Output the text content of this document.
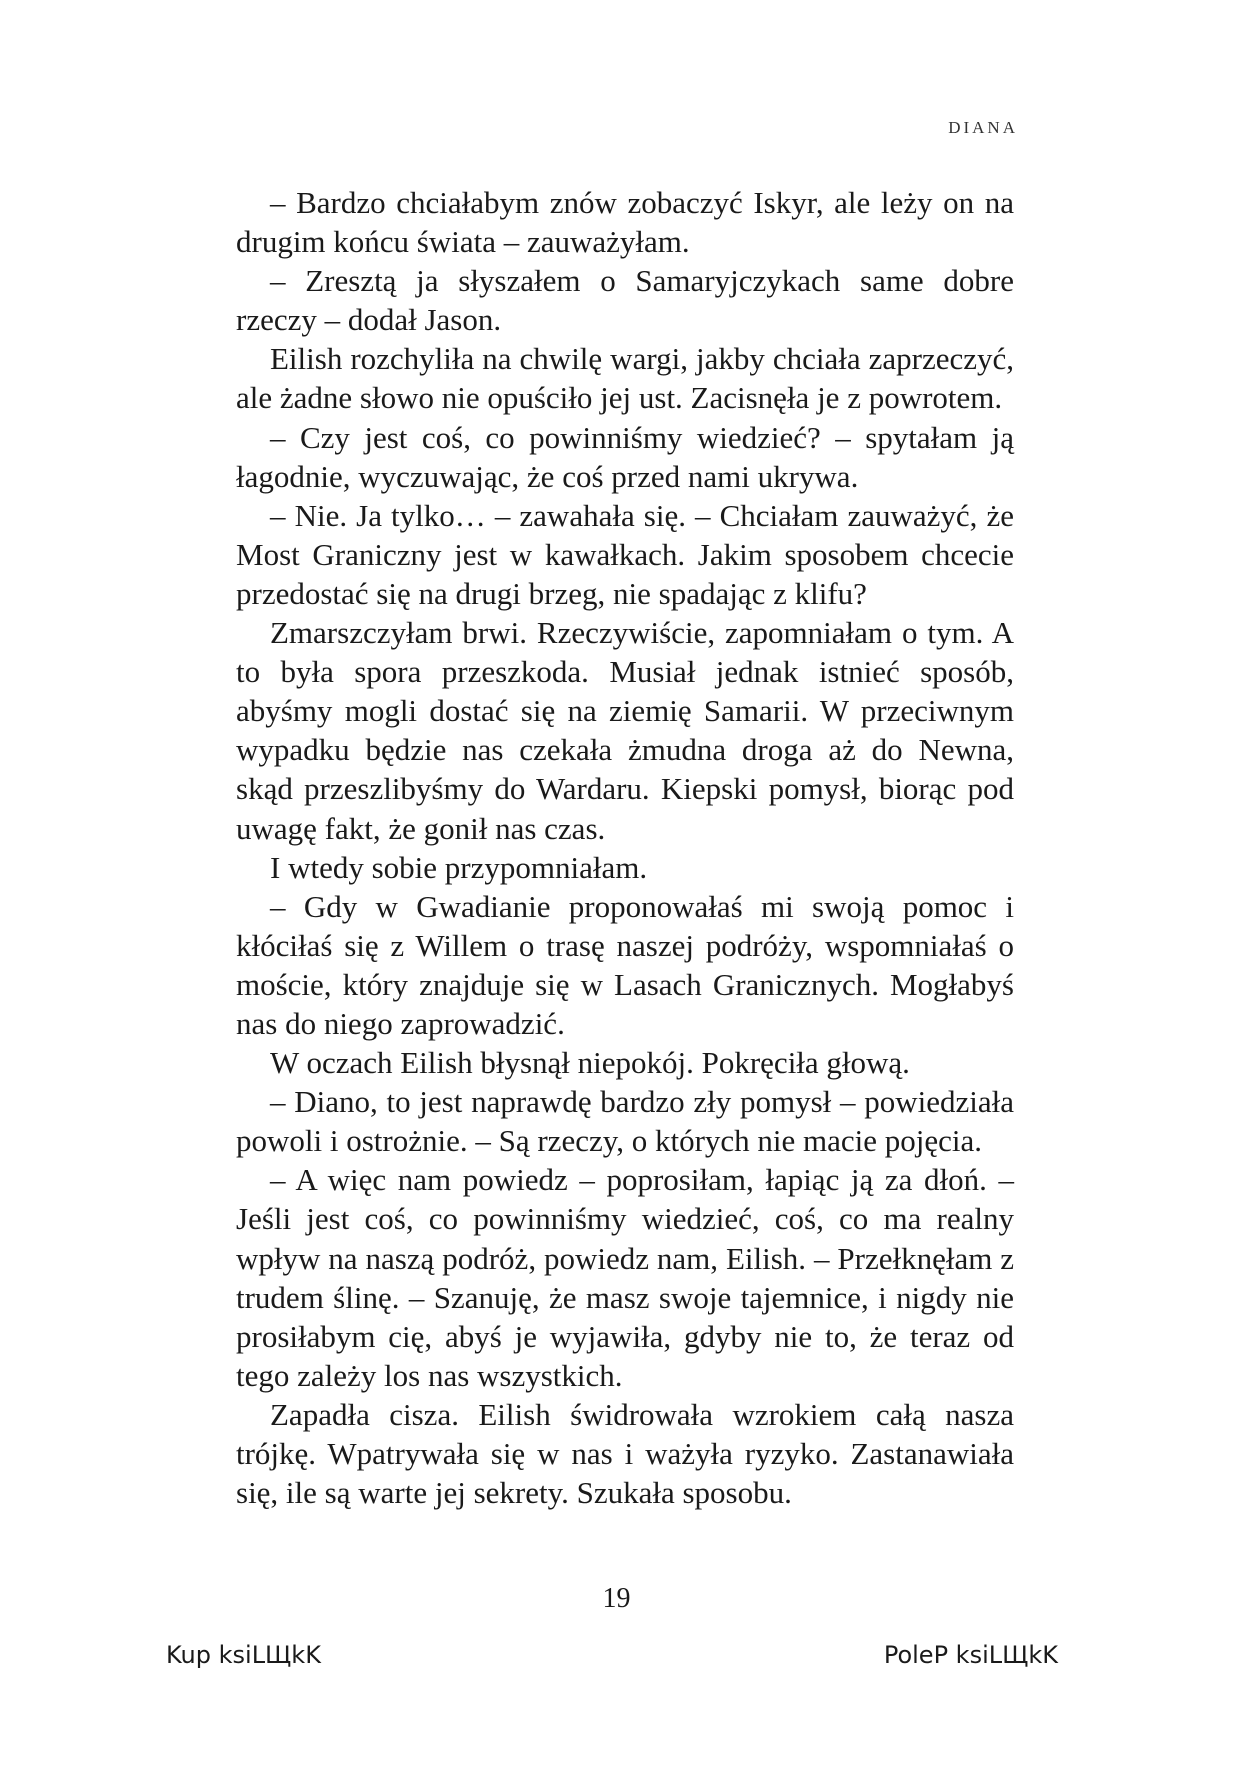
DIANA

– Bardzo chciałabym znów zobaczyć Iskyr, ale leży on na drugim końcu świata – zauważyłam.

– Zresztą ja słyszałem o Samaryjczykach same dobre rzeczy – dodał Jason.

Eilish rozchyliła na chwilę wargi, jakby chciała zaprzeczyć, ale żadne słowo nie opuściło jej ust. Zacisnęła je z powrotem.

– Czy jest coś, co powinniśmy wiedzieć? – spytałam ją łagodnie, wyczuwając, że coś przed nami ukrywa.

– Nie. Ja tylko… – zawahała się. – Chciałam zauważyć, że Most Graniczny jest w kawałkach. Jakim sposobem chcecie przedostać się na drugi brzeg, nie spadając z klifu?

Zmarszczyłam brwi. Rzeczywiście, zapomniałam o tym. A to była spora przeszkoda. Musiał jednak istnieć sposób, abyśmy mogli dostać się na ziemię Samarii. W przeciwnym wypadku będzie nas czekała żmudna droga aż do Newna, skąd przeszlibyśmy do Wardaru. Kiepski pomysł, biorąc pod uwagę fakt, że gonił nas czas.

I wtedy sobie przypomniałam.

– Gdy w Gwadianie proponowałaś mi swoją pomoc i kłóciłaś się z Willem o trasę naszej podróży, wspomniałaś o moście, który znajduje się w Lasach Granicznych. Mogłabyś nas do niego zaprowadzić.

W oczach Eilish błysnął niepokój. Pokręciła głową.

– Diano, to jest naprawdę bardzo zły pomysł – powiedziała powoli i ostrożnie. – Są rzeczy, o których nie macie pojęcia.

– A więc nam powiedz – poprosiłam, łapiąc ją za dłoń. – Jeśli jest coś, co powinniśmy wiedzieć, coś, co ma realny wpływ na naszą podróż, powiedz nam, Eilish. – Przełknęłam z trudem ślinę. – Szanuję, że masz swoje tajemnice, i nigdy nie prosiłabym cię, abyś je wyjawiła, gdyby nie to, że teraz od tego zależy los nas wszystkich.

Zapadła cisza. Eilish świdrowała wzrokiem całą nasza trójkę. Wpatrywała się w nas i ważyła ryzyko. Zastanawiała się, ile są warte jej sekrety. Szukała sposobu.

19
Kup ksiLЩkK	PoleP ksiLЩkK
